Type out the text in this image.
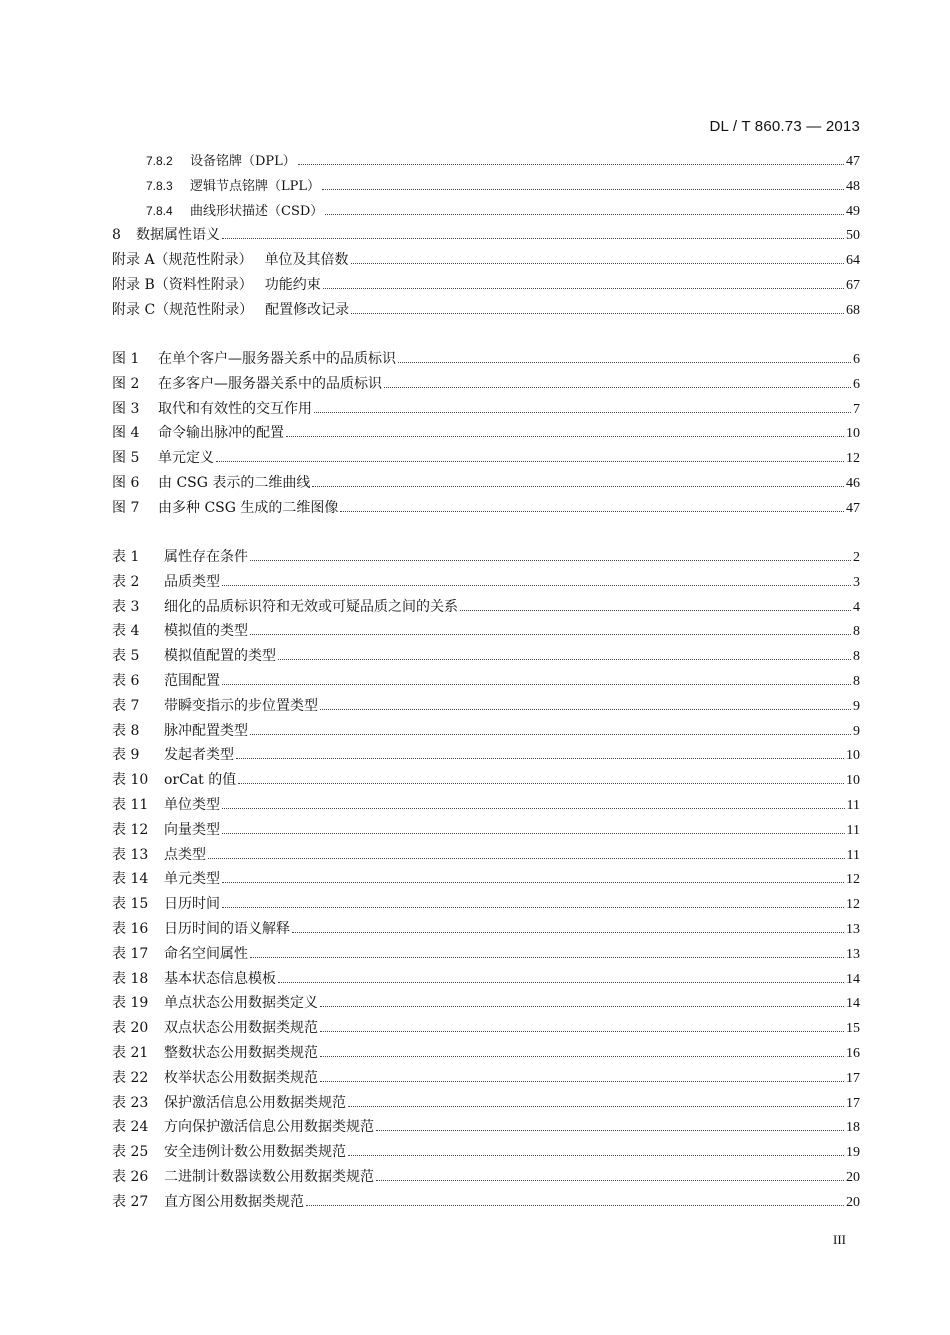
DL / T 860.73 — 2013
7.8.2 设备铭牌（DPL）	47
7.8.3 逻辑节点铭牌（LPL）	48
7.8.4 曲线形状描述（CSD）	49
8 数据属性语义	50
附录 A（规范性附录） 单位及其倍数	64
附录 B（资料性附录） 功能约束	67
附录 C（规范性附录） 配置修改记录	68
图 1 在单个客户—服务器关系中的品质标识	6
图 2 在多客户—服务器关系中的品质标识	6
图 3 取代和有效性的交互作用	7
图 4 命令输出脉冲的配置	10
图 5 单元定义	12
图 6 由 CSG 表示的二维曲线	46
图 7 由多种 CSG 生成的二维图像	47
表 1 属性存在条件	2
表 2 品质类型	3
表 3 细化的品质标识符和无效或可疑品质之间的关系	4
表 4 模拟值的类型	8
表 5 模拟值配置的类型	8
表 6 范围配置	8
表 7 带瞬变指示的步位置类型	9
表 8 脉冲配置类型	9
表 9 发起者类型	10
表 10 orCat 的值	10
表 11 单位类型	11
表 12 向量类型	11
表 13 点类型	11
表 14 单元类型	12
表 15 日历时间	12
表 16 日历时间的语义解释	13
表 17 命名空间属性	13
表 18 基本状态信息模板	14
表 19 单点状态公用数据类定义	14
表 20 双点状态公用数据类规范	15
表 21 整数状态公用数据类规范	16
表 22 枚举状态公用数据类规范	17
表 23 保护激活信息公用数据类规范	17
表 24 方向保护激活信息公用数据类规范	18
表 25 安全违例计数公用数据类规范	19
表 26 二进制计数器读数公用数据类规范	20
表 27 直方图公用数据类规范	20
III
